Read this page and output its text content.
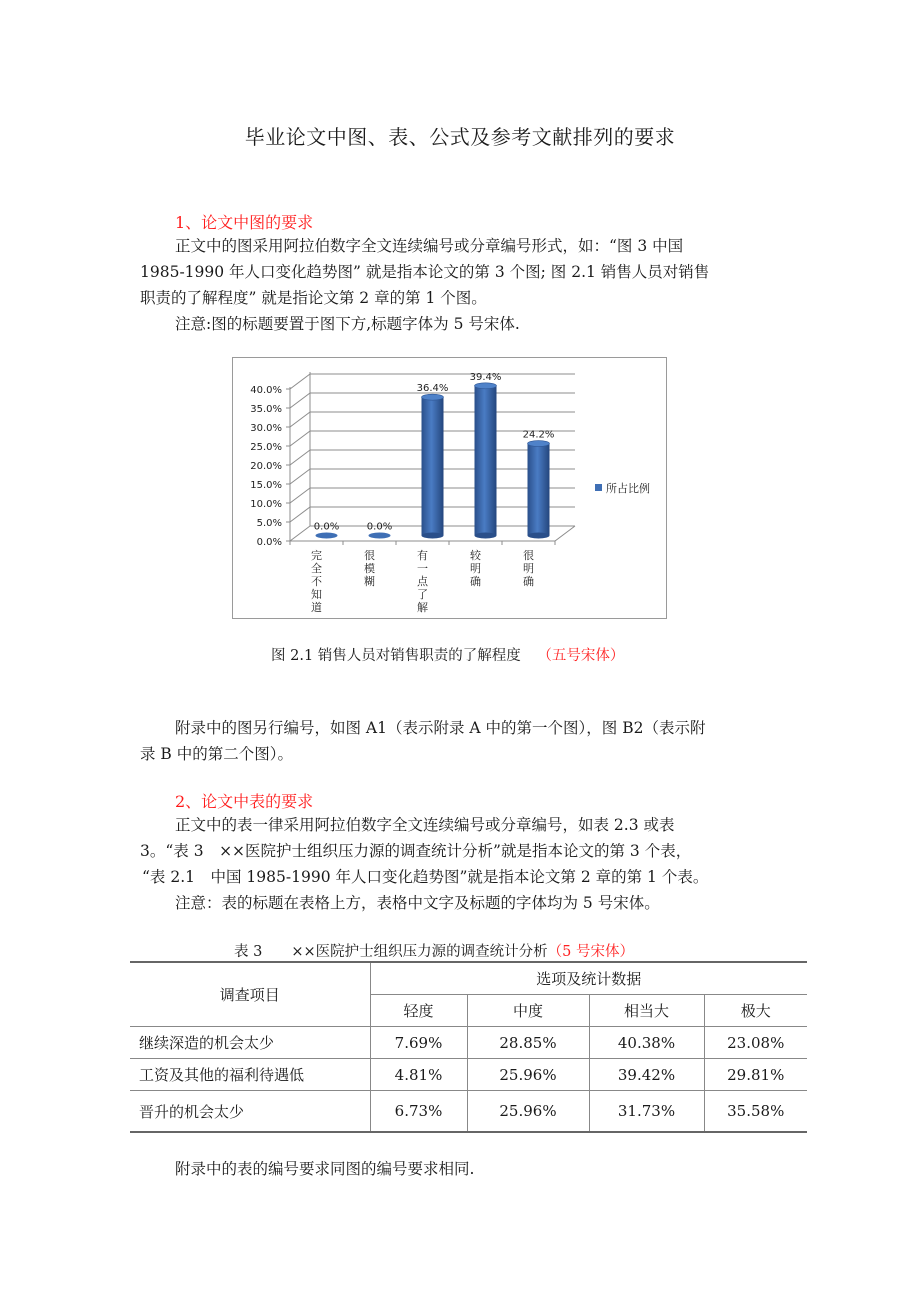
毕业论文中图、表、公式及参考文献排列的要求
1、论文中图的要求
正文中的图采用阿拉伯数字全文连续编号或分章编号形式，如：“图 3 中国
1985-1990 年人口变化趋势图” 就是指本论文的第 3 个图; 图 2.1 销售人员对销售
职责的了解程度” 就是指论文第 2 章的第 1 个图。
注意:图的标题要置于图下方,标题字体为 5 号宋体.
0.0%
5.0%
10.0%
15.0%
20.0%
25.0%
30.0%
35.0%
40.0%
0.0%	0.0%
36.4%
39.4%
24.2%
完
全
不
知
道
很
模
糊
有
一
点
了
解
较
明
确
很
明
确
所占比例
图 2.1 销售人员对销售职责的了解程度 （五号宋体）
附录中的图另行编号，如图 A1（表示附录 A 中的第一个图），图 B2（表示附
录 B 中的第二个图）。
2、论文中表的要求
正文中的表一律采用阿拉伯数字全文连续编号或分章编号，如表 2.3 或表
3。“表 3　××医院护士组织压力源的调查统计分析”就是指本论文的第 3 个表，
“表 2.1　中国 1985-1990 年人口变化趋势图”就是指本论文第 2 章的第 1 个表。
注意：表的标题在表格上方，表格中文字及标题的字体均为 5 号宋体。
表 3　　××医院护士组织压力源的调查统计分析（5 号宋体）
调查项目	选项及统计数据			
	轻度	中度	相当大	极大
继续深造的机会太少	7.69%	28.85%	40.38%	23.08%
工资及其他的福利待遇低	4.81%	25.96%	39.42%	29.81%
晋升的机会太少	6.73%	25.96%	31.73%	35.58%
附录中的表的编号要求同图的编号要求相同.
